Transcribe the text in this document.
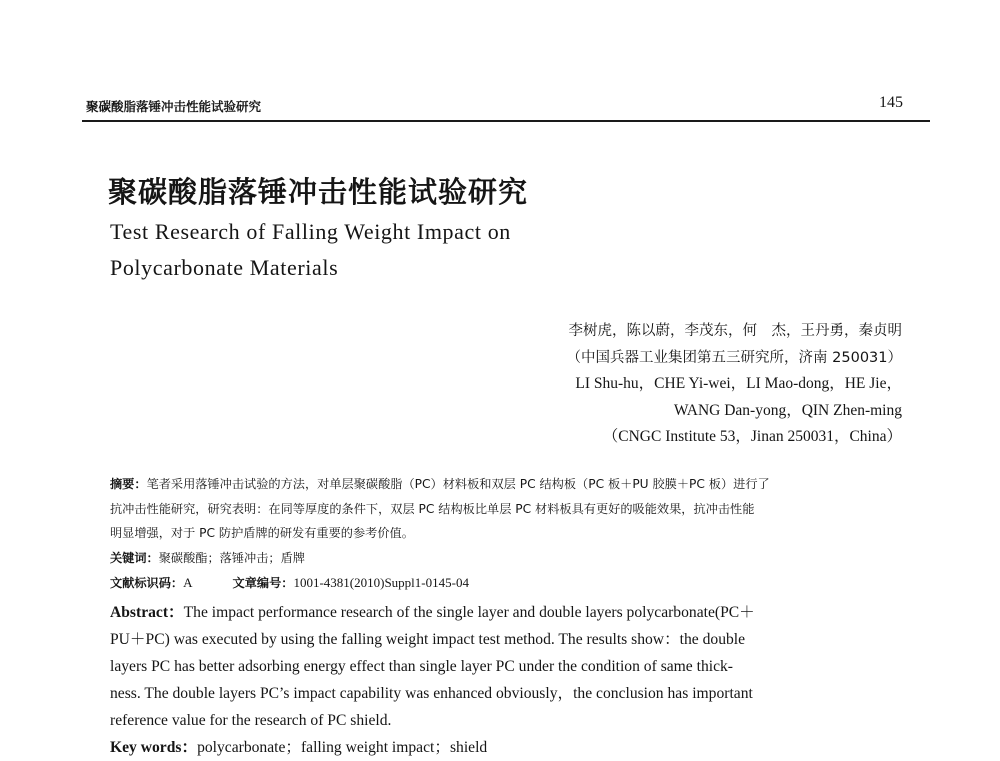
聚碳酸脂落锤冲击性能试验研究	145
聚碳酸脂落锤冲击性能试验研究
Test Research of Falling Weight Impact on
Polycarbonate Materials
李树虎，陈以蔚，李茂东，何　杰，王丹勇，秦贞明
（中国兵器工业集团第五三研究所，济南 250031）
LI Shu-hu，CHE Yi-wei，LI Mao-dong，HE Jie，
WANG Dan-yong，QIN Zhen-ming
（CNGC Institute 53，Jinan 250031，China）
摘要：笔者采用落锤冲击试验的方法，对单层聚碳酸脂（PC）材料板和双层 PC 结构板（PC 板＋PU 胶膜＋PC 板）进行了
抗冲击性能研究，研究表明：在同等厚度的条件下，双层 PC 结构板比单层 PC 材料板具有更好的吸能效果，抗冲击性能
明显增强，对于 PC 防护盾牌的研发有重要的参考价值。
关键词：聚碳酸酯；落锤冲击；盾牌
文献标识码：A	文章编号：1001-4381(2010)Suppl1-0145-04
Abstract：The impact performance research of the single layer and double layers polycarbonate(PC＋
PU＋PC) was executed by using the falling weight impact test method. The results show：the double
layers PC has better adsorbing energy effect than single layer PC under the condition of same thick-
ness. The double layers PC’s impact capability was enhanced obviously，the conclusion has important
reference value for the research of PC shield.
Key words：polycarbonate；falling weight impact；shield
